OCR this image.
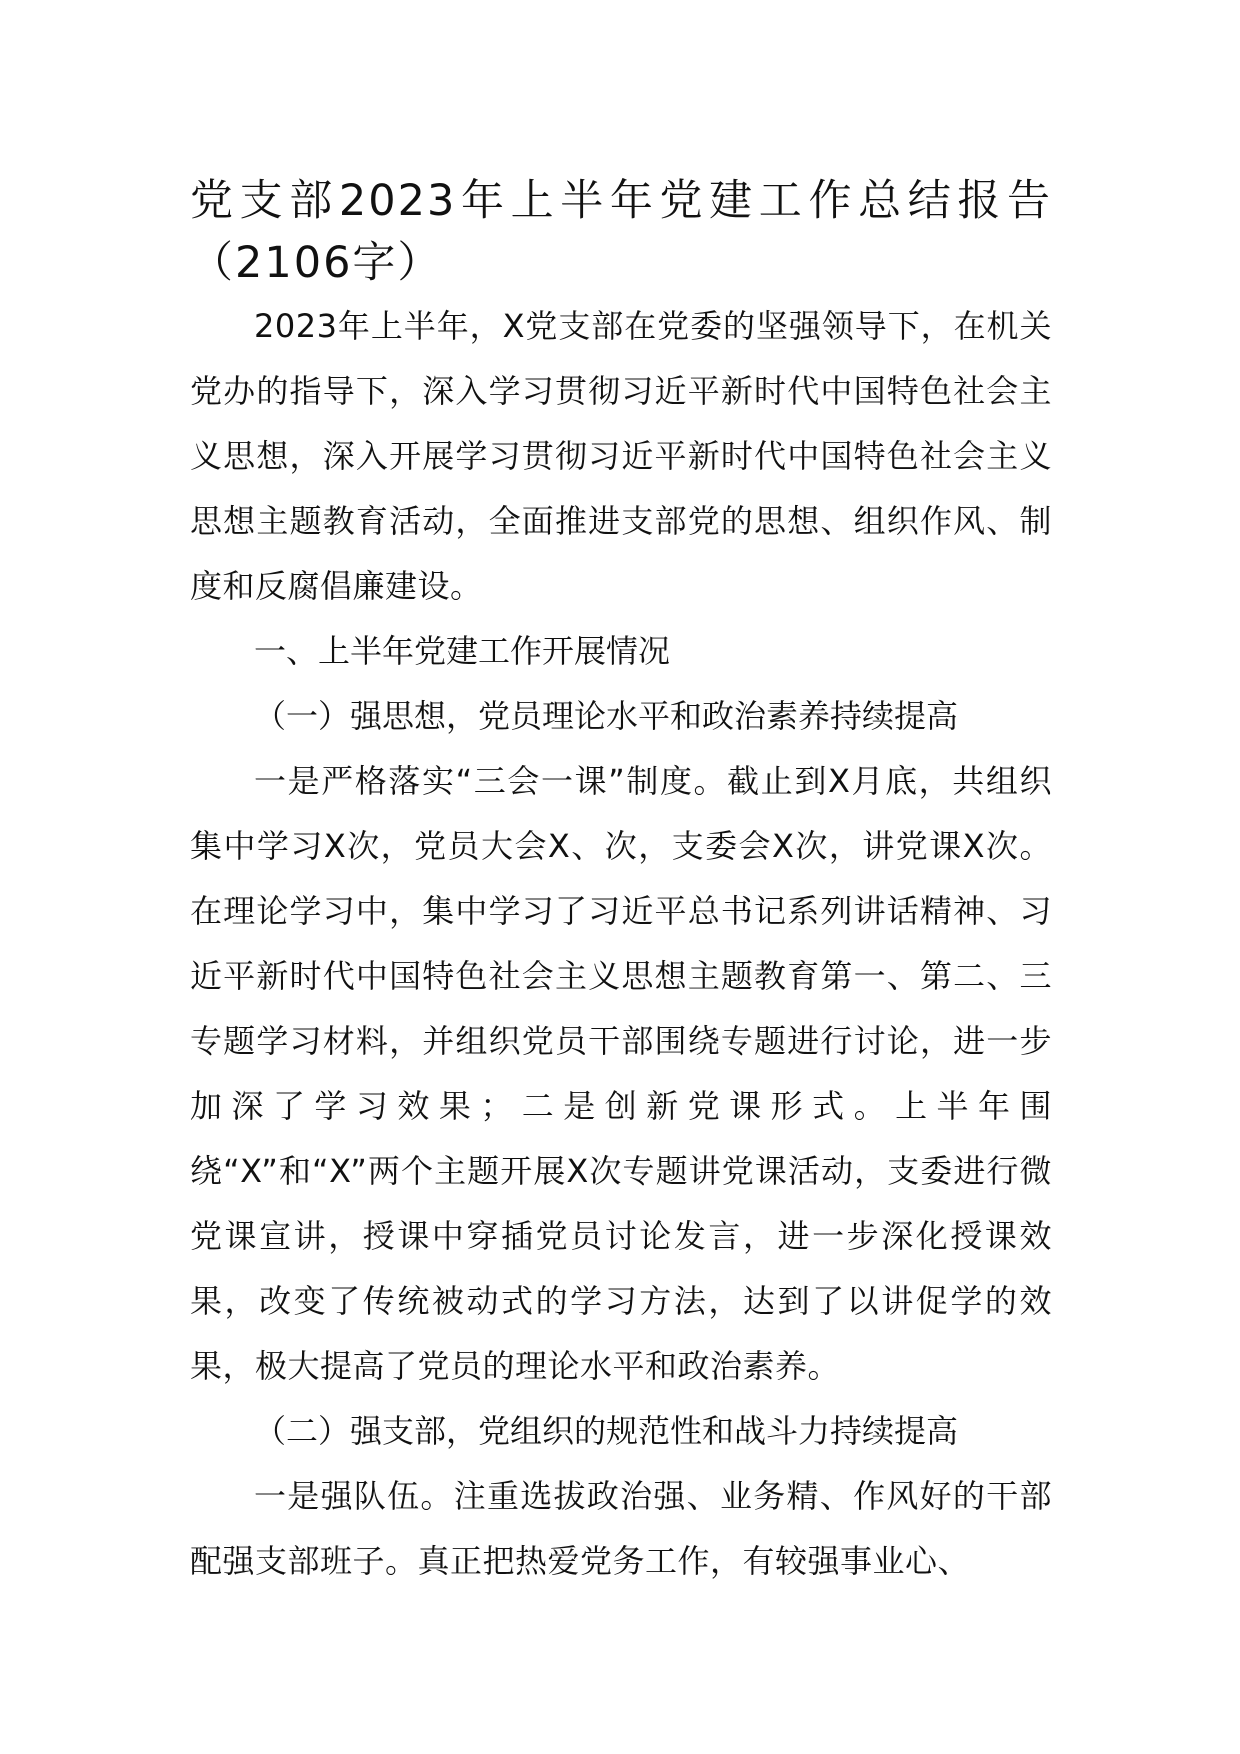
党支部2023年上半年党建工作总结报告（2106字）

2023年上半年，X党支部在党委的坚强领导下，在机关党办的指导下，深入学习贯彻习近平新时代中国特色社会主义思想，深入开展学习贯彻习近平新时代中国特色社会主义思想主题教育活动，全面推进支部党的思想、组织作风、制度和反腐倡廉建设。

一、上半年党建工作开展情况

（一）强思想，党员理论水平和政治素养持续提高

一是严格落实“三会一课”制度。截止到X月底，共组织集中学习X次，党员大会X、次，支委会X次，讲党课X次。在理论学习中，集中学习了习近平总书记系列讲话精神、习近平新时代中国特色社会主义思想主题教育第一、第二、三专题学习材料，并组织党员干部围绕专题进行讨论，进一步加深了学习效果；二是创新党课形式。上半年围绕“X”和“X”两个主题开展X次专题讲党课活动，支委进行微党课宣讲，授课中穿插党员讨论发言，进一步深化授课效果，改变了传统被动式的学习方法，达到了以讲促学的效果，极大提高了党员的理论水平和政治素养。

（二）强支部，党组织的规范性和战斗力持续提高

一是强队伍。注重选拔政治强、业务精、作风好的干部配强支部班子。真正把热爱党务工作，有较强事业心、
